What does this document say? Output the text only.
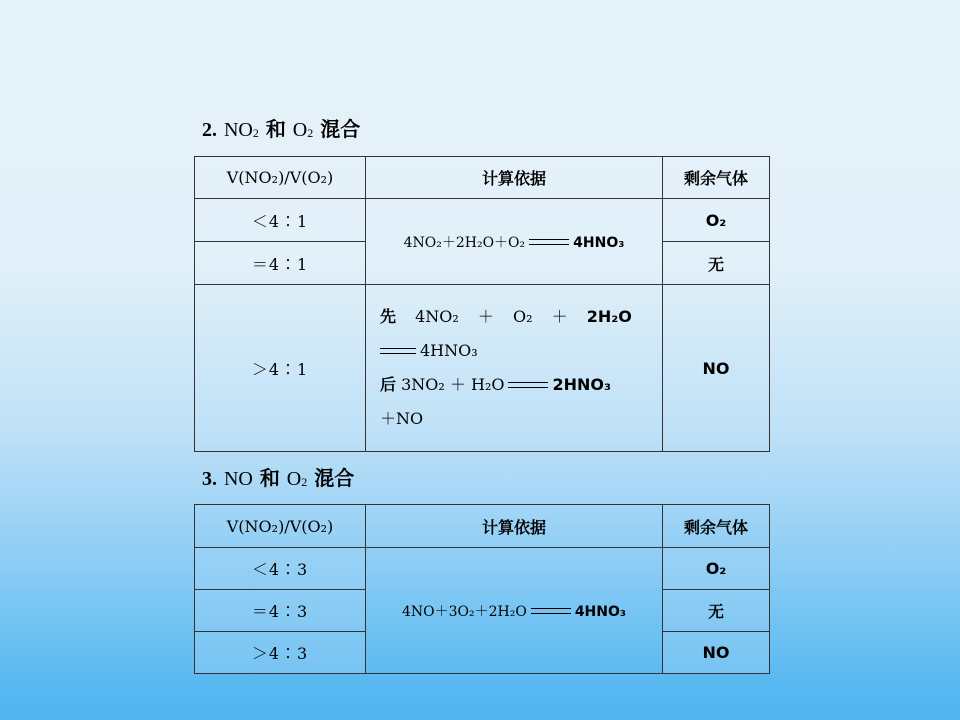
2. $NO_2$ 和 $O_2$ 混合
V(NO₂)/V(O₂)	计算依据	剩余气体
＜4∶1	4NO₂＋2H₂O＋O₂ 4HNO₃	O₂
＝4∶1		无
＞4∶1	先 4NO₂ ＋ O₂ ＋ 2H₂O
4HNO₃
后 3NO₂ ＋ H₂O 2HNO₃
＋NO	NO
3. NO 和 $O_2$ 混合
V(NO₂)/V(O₂)	计算依据	剩余气体
＜4∶3	4NO＋3O₂＋2H₂O 4HNO₃	O₂
＝4∶3		无
＞4∶3		NO
